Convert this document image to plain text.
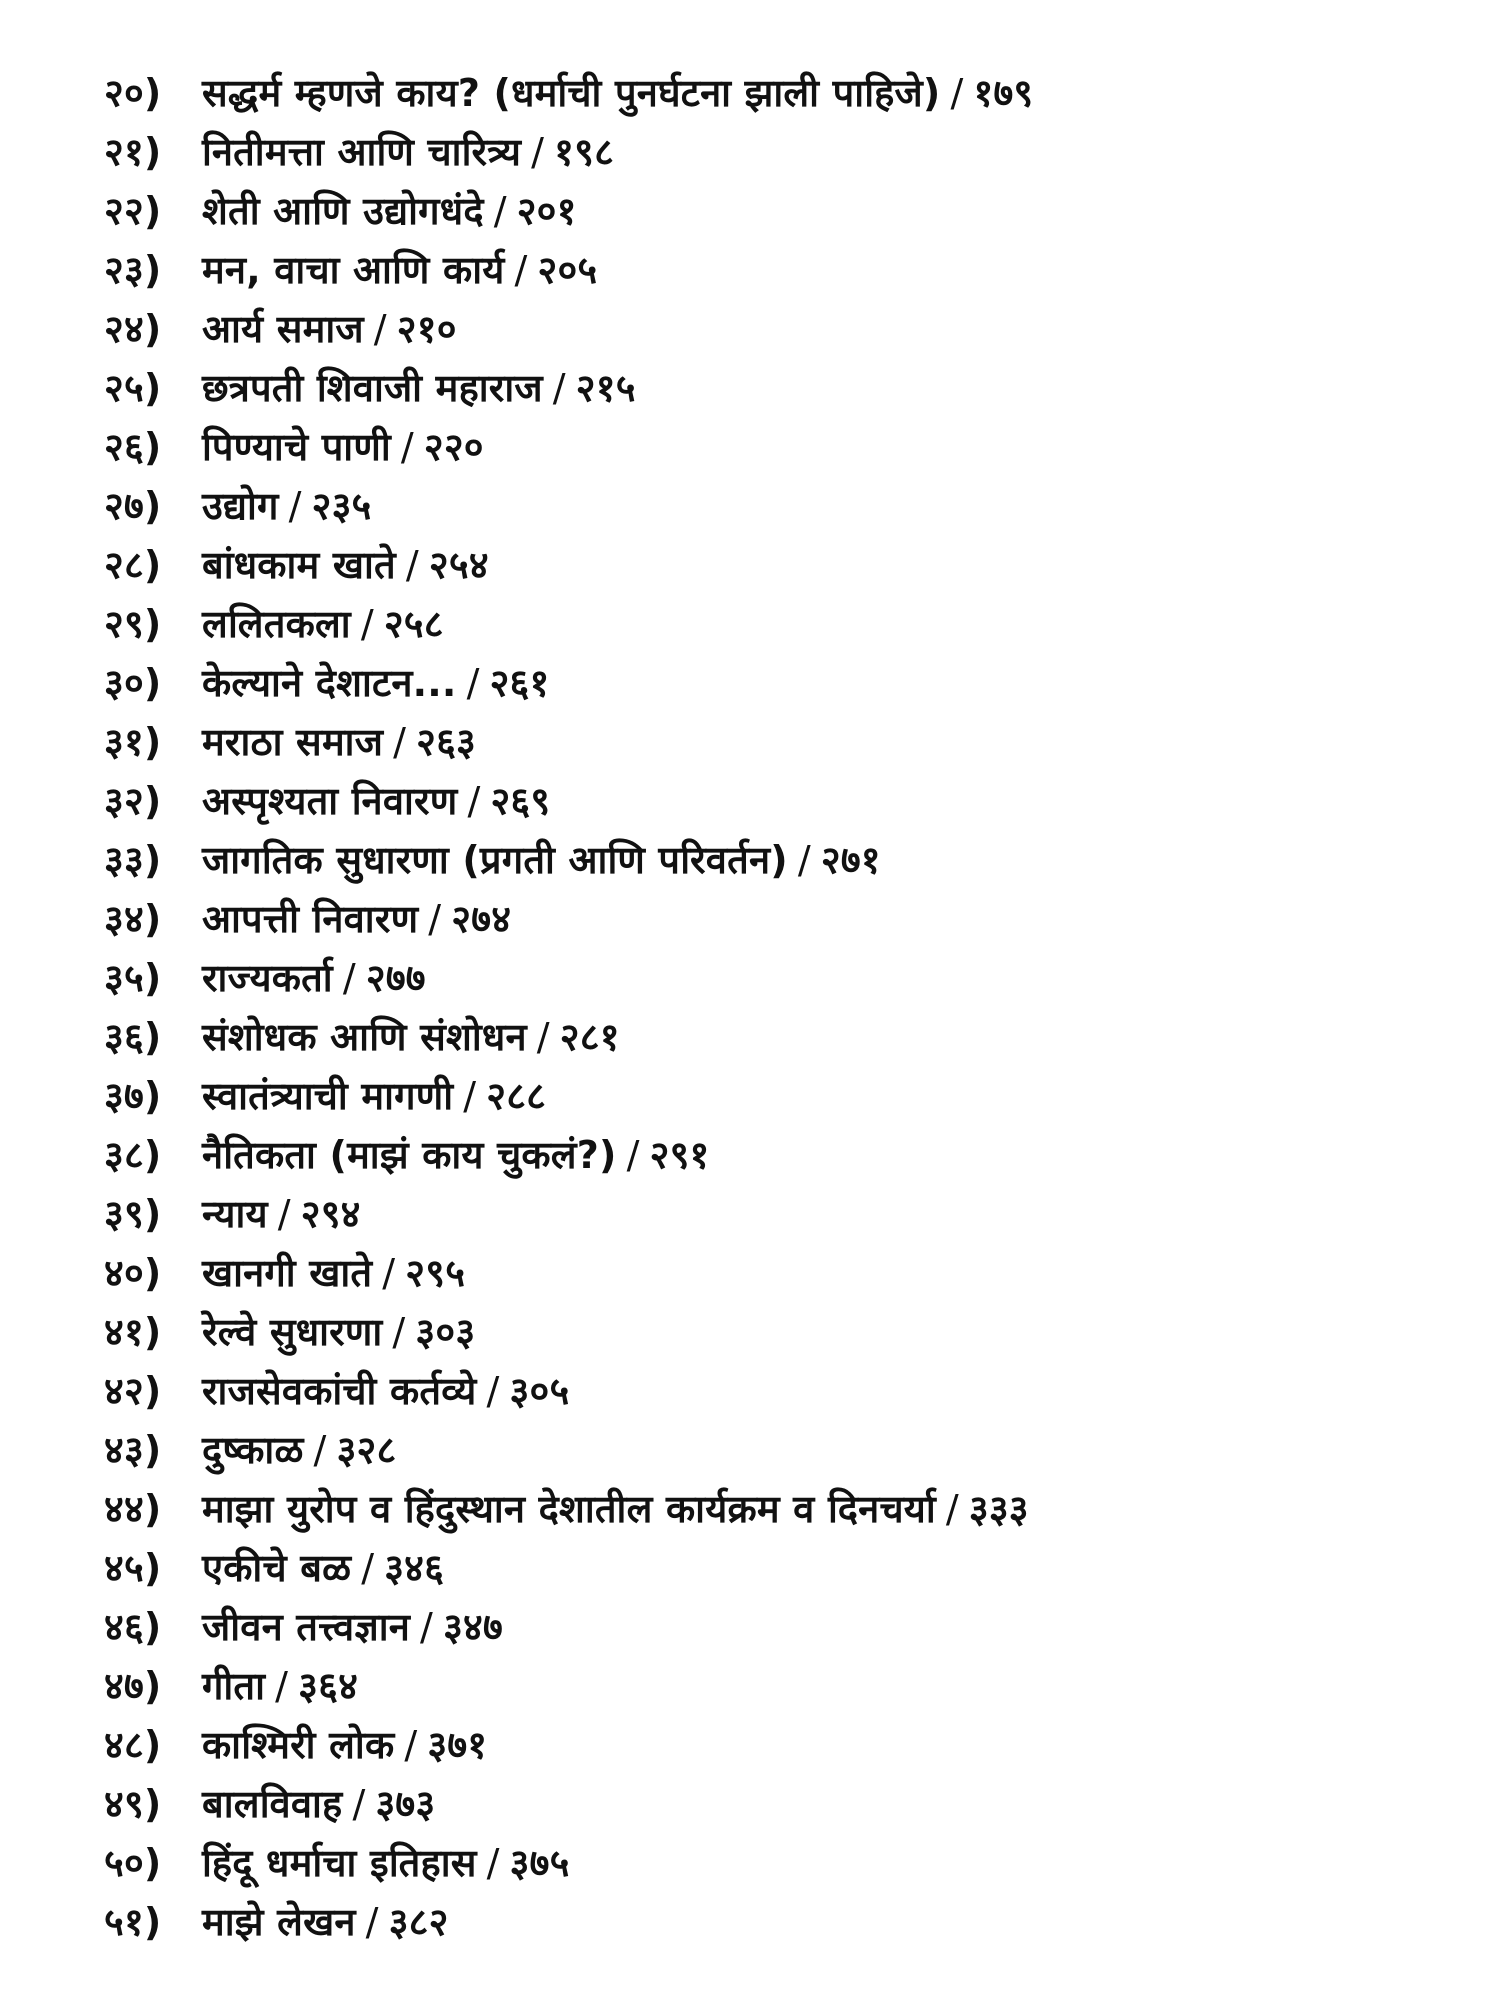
२०)	सद्धर्म म्हणजे काय? (धर्माची पुनर्घटना झाली पाहिजे) / १७९
२१)	नितीमत्ता आणि चारित्र्य / १९८
२२)	शेती आणि उद्योगधंदे / २०१
२३)	मन, वाचा आणि कार्य / २०५
२४)	आर्य समाज / २१०
२५)	छत्रपती शिवाजी महाराज / २१५
२६)	पिण्याचे पाणी / २२०
२७)	उद्योग / २३५
२८)	बांधकाम खाते / २५४
२९)	ललितकला / २५८
३०)	केल्याने देशाटन... / २६१
३१)	मराठा समाज / २६३
३२)	अस्पृश्यता निवारण / २६९
३३)	जागतिक सुधारणा (प्रगती आणि परिवर्तन) / २७१
३४)	आपत्ती निवारण / २७४
३५)	राज्यकर्ता / २७७
३६)	संशोधक आणि संशोधन / २८१
३७)	स्वातंत्र्याची मागणी / २८८
३८)	नैतिकता (माझं काय चुकलं?) / २९१
३९)	न्याय / २९४
४०)	खानगी खाते / २९५
४१)	रेल्वे सुधारणा / ३०३
४२)	राजसेवकांची कर्तव्ये / ३०५
४३)	दुष्काळ / ३२८
४४)	माझा युरोप व हिंदुस्थान देशातील कार्यक्रम व दिनचर्या / ३३३
४५)	एकीचे बळ / ३४६
४६)	जीवन तत्त्वज्ञान / ३४७
४७)	गीता / ३६४
४८)	काश्मिरी लोक / ३७१
४९)	बालविवाह / ३७३
५०)	हिंदू धर्माचा इतिहास / ३७५
५१)	माझे लेखन / ३८२
